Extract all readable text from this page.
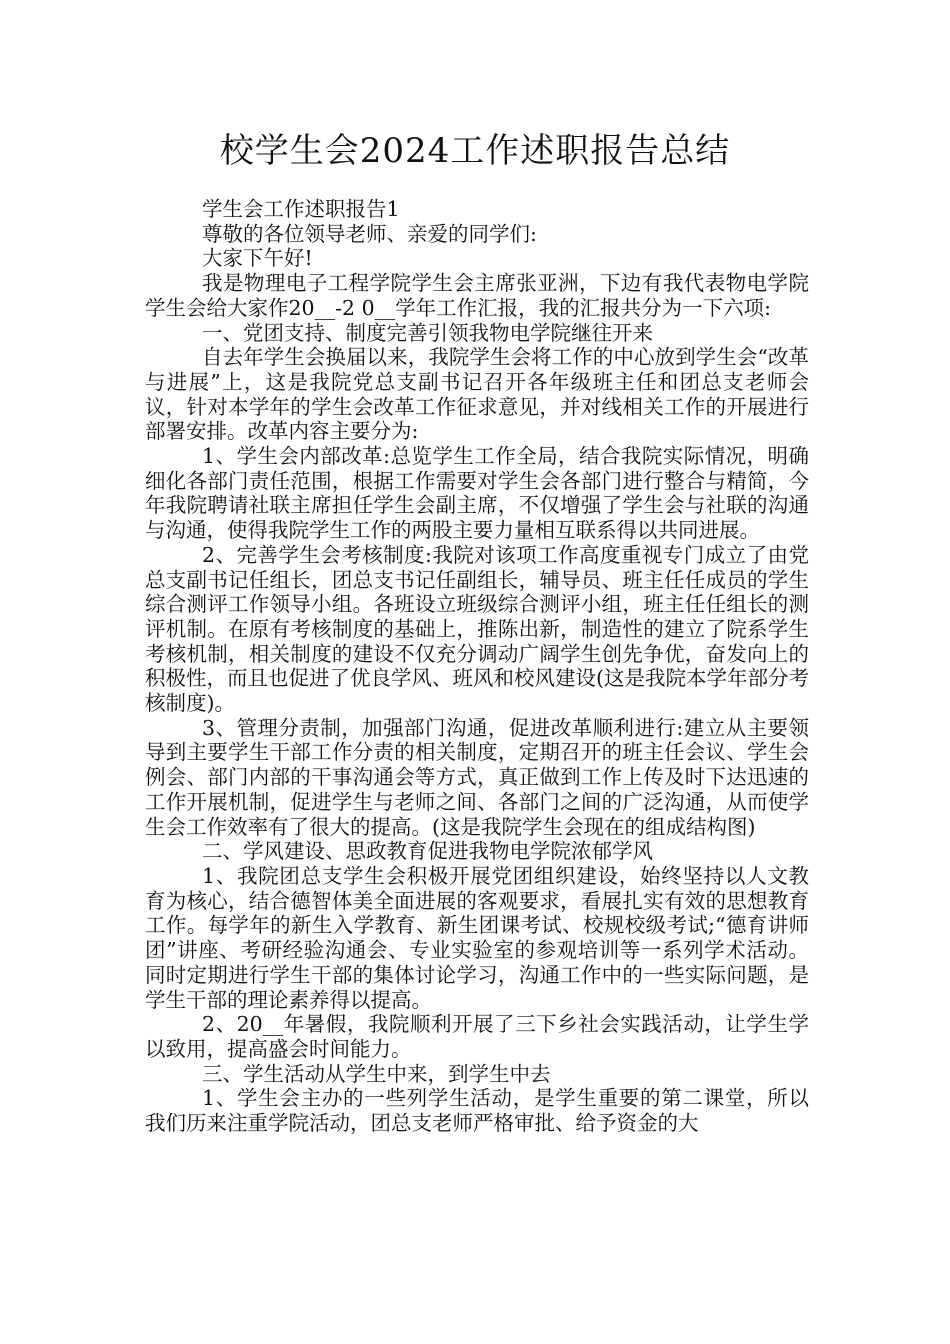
校学生会2024工作述职报告总结

学生会工作述职报告1

尊敬的各位领导老师、亲爱的同学们:

大家下午好!

我是物理电子工程学院学生会主席张亚洲，下边有我代表物电学院学生会给大家作20__-2 0__学年工作汇报，我的汇报共分为一下六项:

一、党团支持、制度完善引领我物电学院继往开来

自去年学生会换届以来，我院学生会将工作的中心放到学生会“改革与进展”上，这是我院党总支副书记召开各年级班主任和团总支老师会议，针对本学年的学生会改革工作征求意见，并对线相关工作的开展进行部署安排。改革内容主要分为:

1、学生会内部改革:总览学生工作全局，结合我院实际情况，明确细化各部门责任范围，根据工作需要对学生会各部门进行整合与精简，今年我院聘请社联主席担任学生会副主席，不仅增强了学生会与社联的沟通与沟通，使得我院学生工作的两股主要力量相互联系得以共同进展。

2、完善学生会考核制度:我院对该项工作高度重视专门成立了由党总支副书记任组长，团总支书记任副组长，辅导员、班主任任成员的学生综合测评工作领导小组。各班设立班级综合测评小组，班主任任组长的测评机制。在原有考核制度的基础上，推陈出新，制造性的建立了院系学生考核机制，相关制度的建设不仅充分调动广阔学生创先争优，奋发向上的积极性，而且也促进了优良学风、班风和校风建设(这是我院本学年部分考核制度)。

3、管理分责制，加强部门沟通，促进改革顺利进行:建立从主要领导到主要学生干部工作分责的相关制度，定期召开的班主任会议、学生会例会、部门内部的干事沟通会等方式，真正做到工作上传及时下达迅速的工作开展机制，促进学生与老师之间、各部门之间的广泛沟通，从而使学生会工作效率有了很大的提高。(这是我院学生会现在的组成结构图)

二、学风建设、思政教育促进我物电学院浓郁学风

1、我院团总支学生会积极开展党团组织建设，始终坚持以人文教育为核心，结合德智体美全面进展的客观要求，看展扎实有效的思想教育工作。每学年的新生入学教育、新生团课考试、校规校级考试;“德育讲师团”讲座、考研经验沟通会、专业实验室的参观培训等一系列学术活动。同时定期进行学生干部的集体讨论学习，沟通工作中的一些实际问题，是学生干部的理论素养得以提高。

2、20__年暑假，我院顺利开展了三下乡社会实践活动，让学生学以致用，提高盛会时间能力。

三、学生活动从学生中来，到学生中去

1、学生会主办的一些列学生活动，是学生重要的第二课堂，所以我们历来注重学院活动，团总支老师严格审批、给予资金的大
